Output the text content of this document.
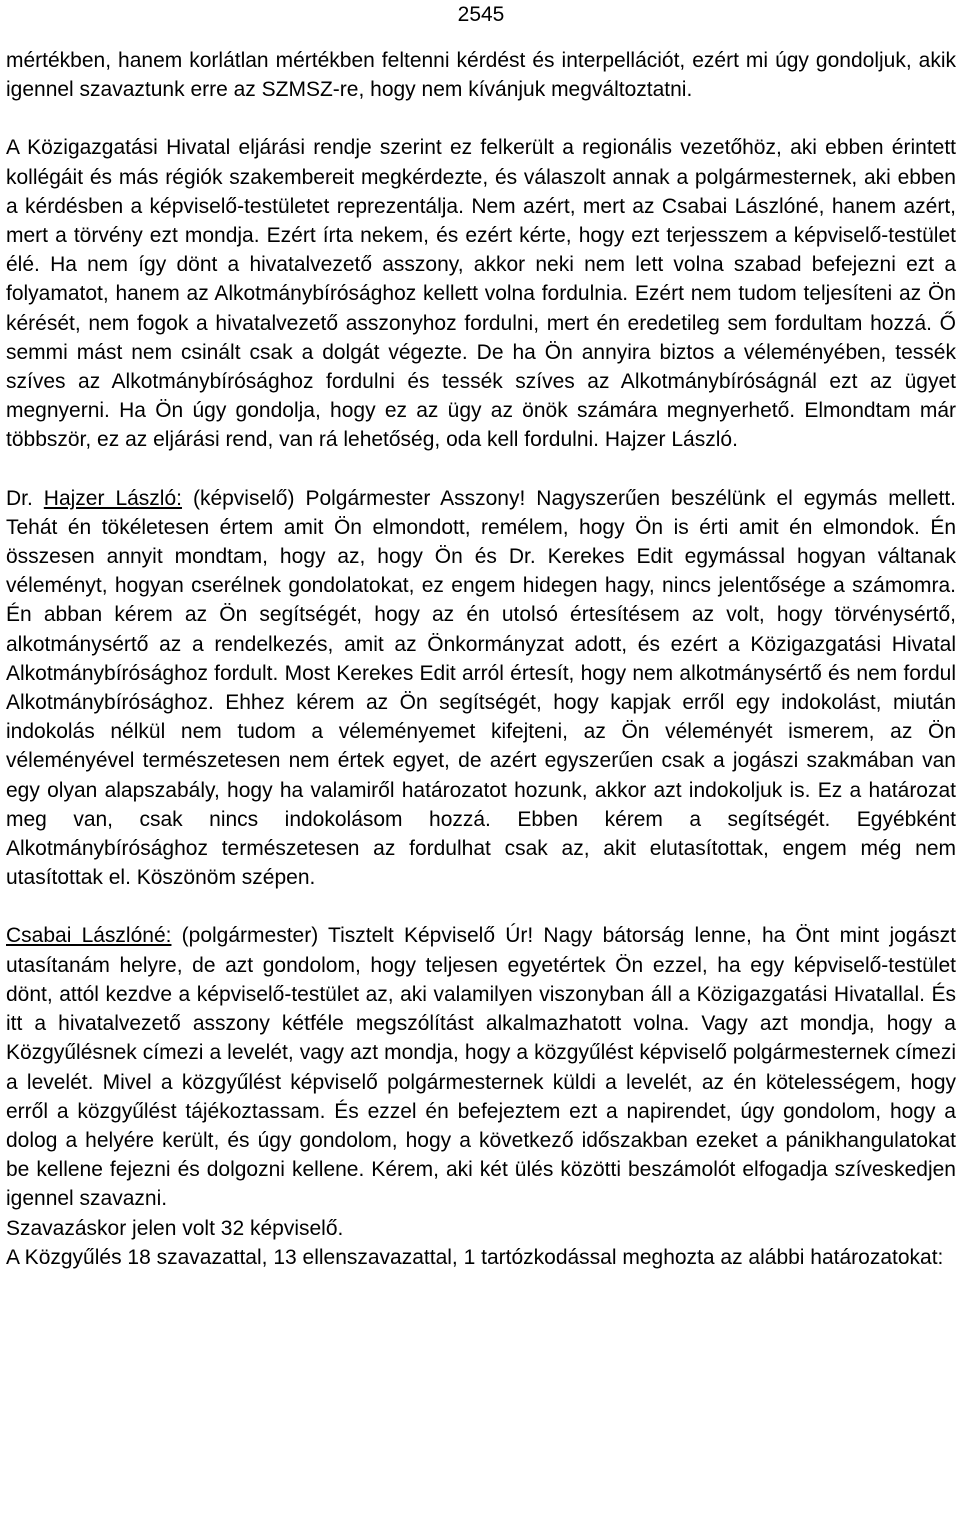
2545

mértékben, hanem korlátlan mértékben feltenni kérdést és interpellációt, ezért mi úgy gondoljuk, akik igennel szavaztunk erre az SZMSZ-re, hogy nem kívánjuk megváltoztatni.

A Közigazgatási Hivatal eljárási rendje szerint ez felkerült a regionális vezetőhöz, aki ebben érintett kollégáit és más régiók szakembereit megkérdezte, és válaszolt annak a polgármesternek, aki ebben a kérdésben a képviselő-testületet reprezentálja. Nem azért, mert az Csabai Lászlóné, hanem azért, mert a törvény ezt mondja. Ezért írta nekem, és ezért kérte, hogy ezt terjesszem a képviselő-testület élé. Ha nem így dönt a hivatalvezető asszony, akkor neki nem lett volna szabad befejezni ezt a folyamatot, hanem az Alkotmánybírósághoz kellett volna fordulnia. Ezért nem tudom teljesíteni az Ön kérését, nem fogok a hivatalvezető asszonyhoz fordulni, mert én eredetileg sem fordultam hozzá. Ő semmi mást nem csinált csak a dolgát végezte. De ha Ön annyira biztos a véleményében, tessék szíves az Alkotmánybírósághoz fordulni és tessék szíves az Alkotmánybíróságnál ezt az ügyet megnyerni. Ha Ön úgy gondolja, hogy ez az ügy az önök számára megnyerhető. Elmondtam már többször, ez az eljárási rend, van rá lehetőség, oda kell fordulni. Hajzer László.

Dr. Hajzer László: (képviselő) Polgármester Asszony! Nagyszerűen beszélünk el egymás mellett. Tehát én tökéletesen értem amit Ön elmondott, remélem, hogy Ön is érti amit én elmondok. Én összesen annyit mondtam, hogy az, hogy Ön és Dr. Kerekes Edit egymással hogyan váltanak véleményt, hogyan cserélnek gondolatokat, ez engem hidegen hagy, nincs jelentősége a számomra. Én abban kérem az Ön segítségét, hogy az én utolsó értesítésem az volt, hogy törvénysértő, alkotmánysértő az a rendelkezés, amit az Önkormányzat adott, és ezért a Közigazgatási Hivatal Alkotmánybírósághoz fordult. Most Kerekes Edit arról értesít, hogy nem alkotmánysértő és nem fordul Alkotmánybírósághoz. Ehhez kérem az Ön segítségét, hogy kapjak erről egy indokolást, miután indokolás nélkül nem tudom a véleményemet kifejteni, az Ön véleményét ismerem, az Ön véleményével természetesen nem értek egyet, de azért egyszerűen csak a jogászi szakmában van egy olyan alapszabály, hogy ha valamiről határozatot hozunk, akkor azt indokoljuk is. Ez a határozat meg van, csak nincs indokolásom hozzá. Ebben kérem a segítségét. Egyébként Alkotmánybírósághoz természetesen az fordulhat csak az, akit elutasítottak, engem még nem utasítottak el. Köszönöm szépen.

Csabai Lászlóné: (polgármester) Tisztelt Képviselő Úr! Nagy bátorság lenne, ha Önt mint jogászt utasítanám helyre, de azt gondolom, hogy teljesen egyetértek Ön ezzel, ha egy képviselő-testület dönt, attól kezdve a képviselő-testület az, aki valamilyen viszonyban áll a Közigazgatási Hivatallal. És itt a hivatalvezető asszony kétféle megszólítást alkalmazhatott volna. Vagy azt mondja, hogy a Közgyűlésnek címezi a levelét, vagy azt mondja, hogy a közgyűlést képviselő polgármesternek címezi a levelét. Mivel a közgyűlést képviselő polgármesternek küldi a levelét, az én kötelességem, hogy erről a közgyűlést tájékoztassam. És ezzel én befejeztem ezt a napirendet, úgy gondolom, hogy a dolog a helyére került, és úgy gondolom, hogy a következő időszakban ezeket a pánikhangulatokat be kellene fejezni és dolgozni kellene. Kérem, aki két ülés közötti beszámolót elfogadja szíveskedjen igennel szavazni.

Szavazáskor jelen volt 32 képviselő.

A Közgyűlés 18 szavazattal, 13 ellenszavazattal, 1 tartózkodással meghozta az alábbi határozatokat:
